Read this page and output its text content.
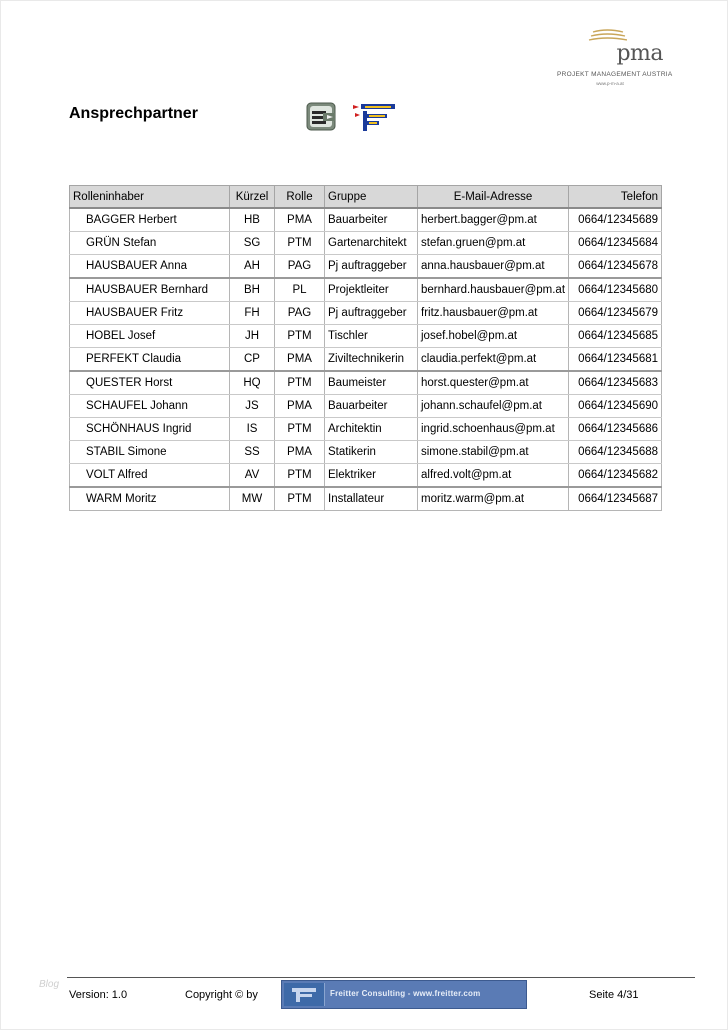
pma
PROJEKT MANAGEMENT AUSTRIA
www.p-m-a.at
Ansprechpartner
Rolleninhaber	Kürzel	Rolle	Gruppe	E-Mail-Adresse	Telefon
BAGGER Herbert	HB	PMA	Bauarbeiter	herbert.bagger@pm.at	0664/12345689
GRÜN Stefan	SG	PTM	Gartenarchitekt	stefan.gruen@pm.at	0664/12345684
HAUSBAUER Anna	AH	PAG	Pj auftraggeber	anna.hausbauer@pm.at	0664/12345678
HAUSBAUER Bernhard	BH	PL	Projektleiter	bernhard.hausbauer@pm.at	0664/12345680
HAUSBAUER Fritz	FH	PAG	Pj auftraggeber	fritz.hausbauer@pm.at	0664/12345679
HOBEL Josef	JH	PTM	Tischler	josef.hobel@pm.at	0664/12345685
PERFEKT Claudia	CP	PMA	Ziviltechnikerin	claudia.perfekt@pm.at	0664/12345681
QUESTER Horst	HQ	PTM	Baumeister	horst.quester@pm.at	0664/12345683
SCHAUFEL Johann	JS	PMA	Bauarbeiter	johann.schaufel@pm.at	0664/12345690
SCHÖNHAUS Ingrid	IS	PTM	Architektin	ingrid.schoenhaus@pm.at	0664/12345686
STABIL Simone	SS	PMA	Statikerin	simone.stabil@pm.at	0664/12345688
VOLT Alfred	AV	PTM	Elektriker	alfred.volt@pm.at	0664/12345682
WARM Moritz	MW	PTM	Installateur	moritz.warm@pm.at	0664/12345687
Blog
Version: 1.0	Copyright © by	Freitter Consulting - www.freitter.com	Seite 4/31
